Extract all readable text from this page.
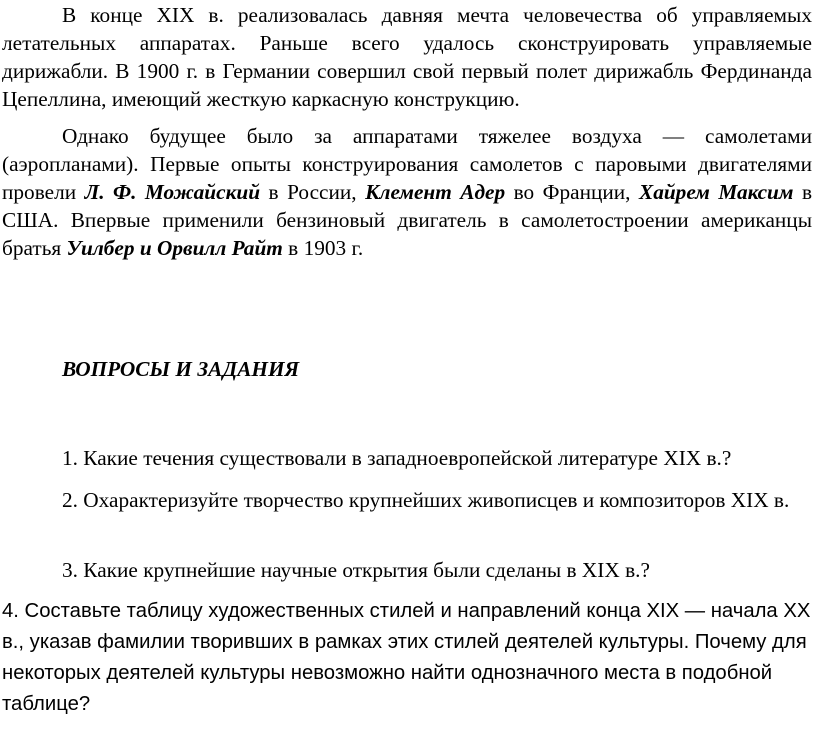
В конце XIX в. реализовалась давняя мечта человечества об управляемых летательных аппаратах. Раньше всего удалось сконструировать управляемые дирижабли. В 1900 г. в Германии совершил свой первый полет дирижабль Фердинанда Цепеллина, имеющий жесткую каркасную конструкцию.

Однако будущее было за аппаратами тяжелее воздуха — самолетами (аэропланами). Первые опыты конструирования самолетов с паровыми двигателями провели Л. Ф. Можайский в России, Клемент Адер во Франции, Хайрем Максим в США. Впервые применили бензиновый двигатель в самолетостроении американцы братья Уилбер и Орвилл Райт в 1903 г.

ВОПРОСЫ И ЗАДАНИЯ

1. Какие течения существовали в западноевропейской литературе XIX в.?

2. Охарактеризуйте творчество крупнейших живописцев и композиторов XIX в.

3. Какие крупнейшие научные открытия были сделаны в XIX в.?

4. Составьте таблицу художественных стилей и направлений конца XIX — начала XX в., указав фамилии творивших в рамках этих стилей деятелей культуры. Почему для некоторых деятелей культуры невозможно найти однозначного места в подобной таблице?
